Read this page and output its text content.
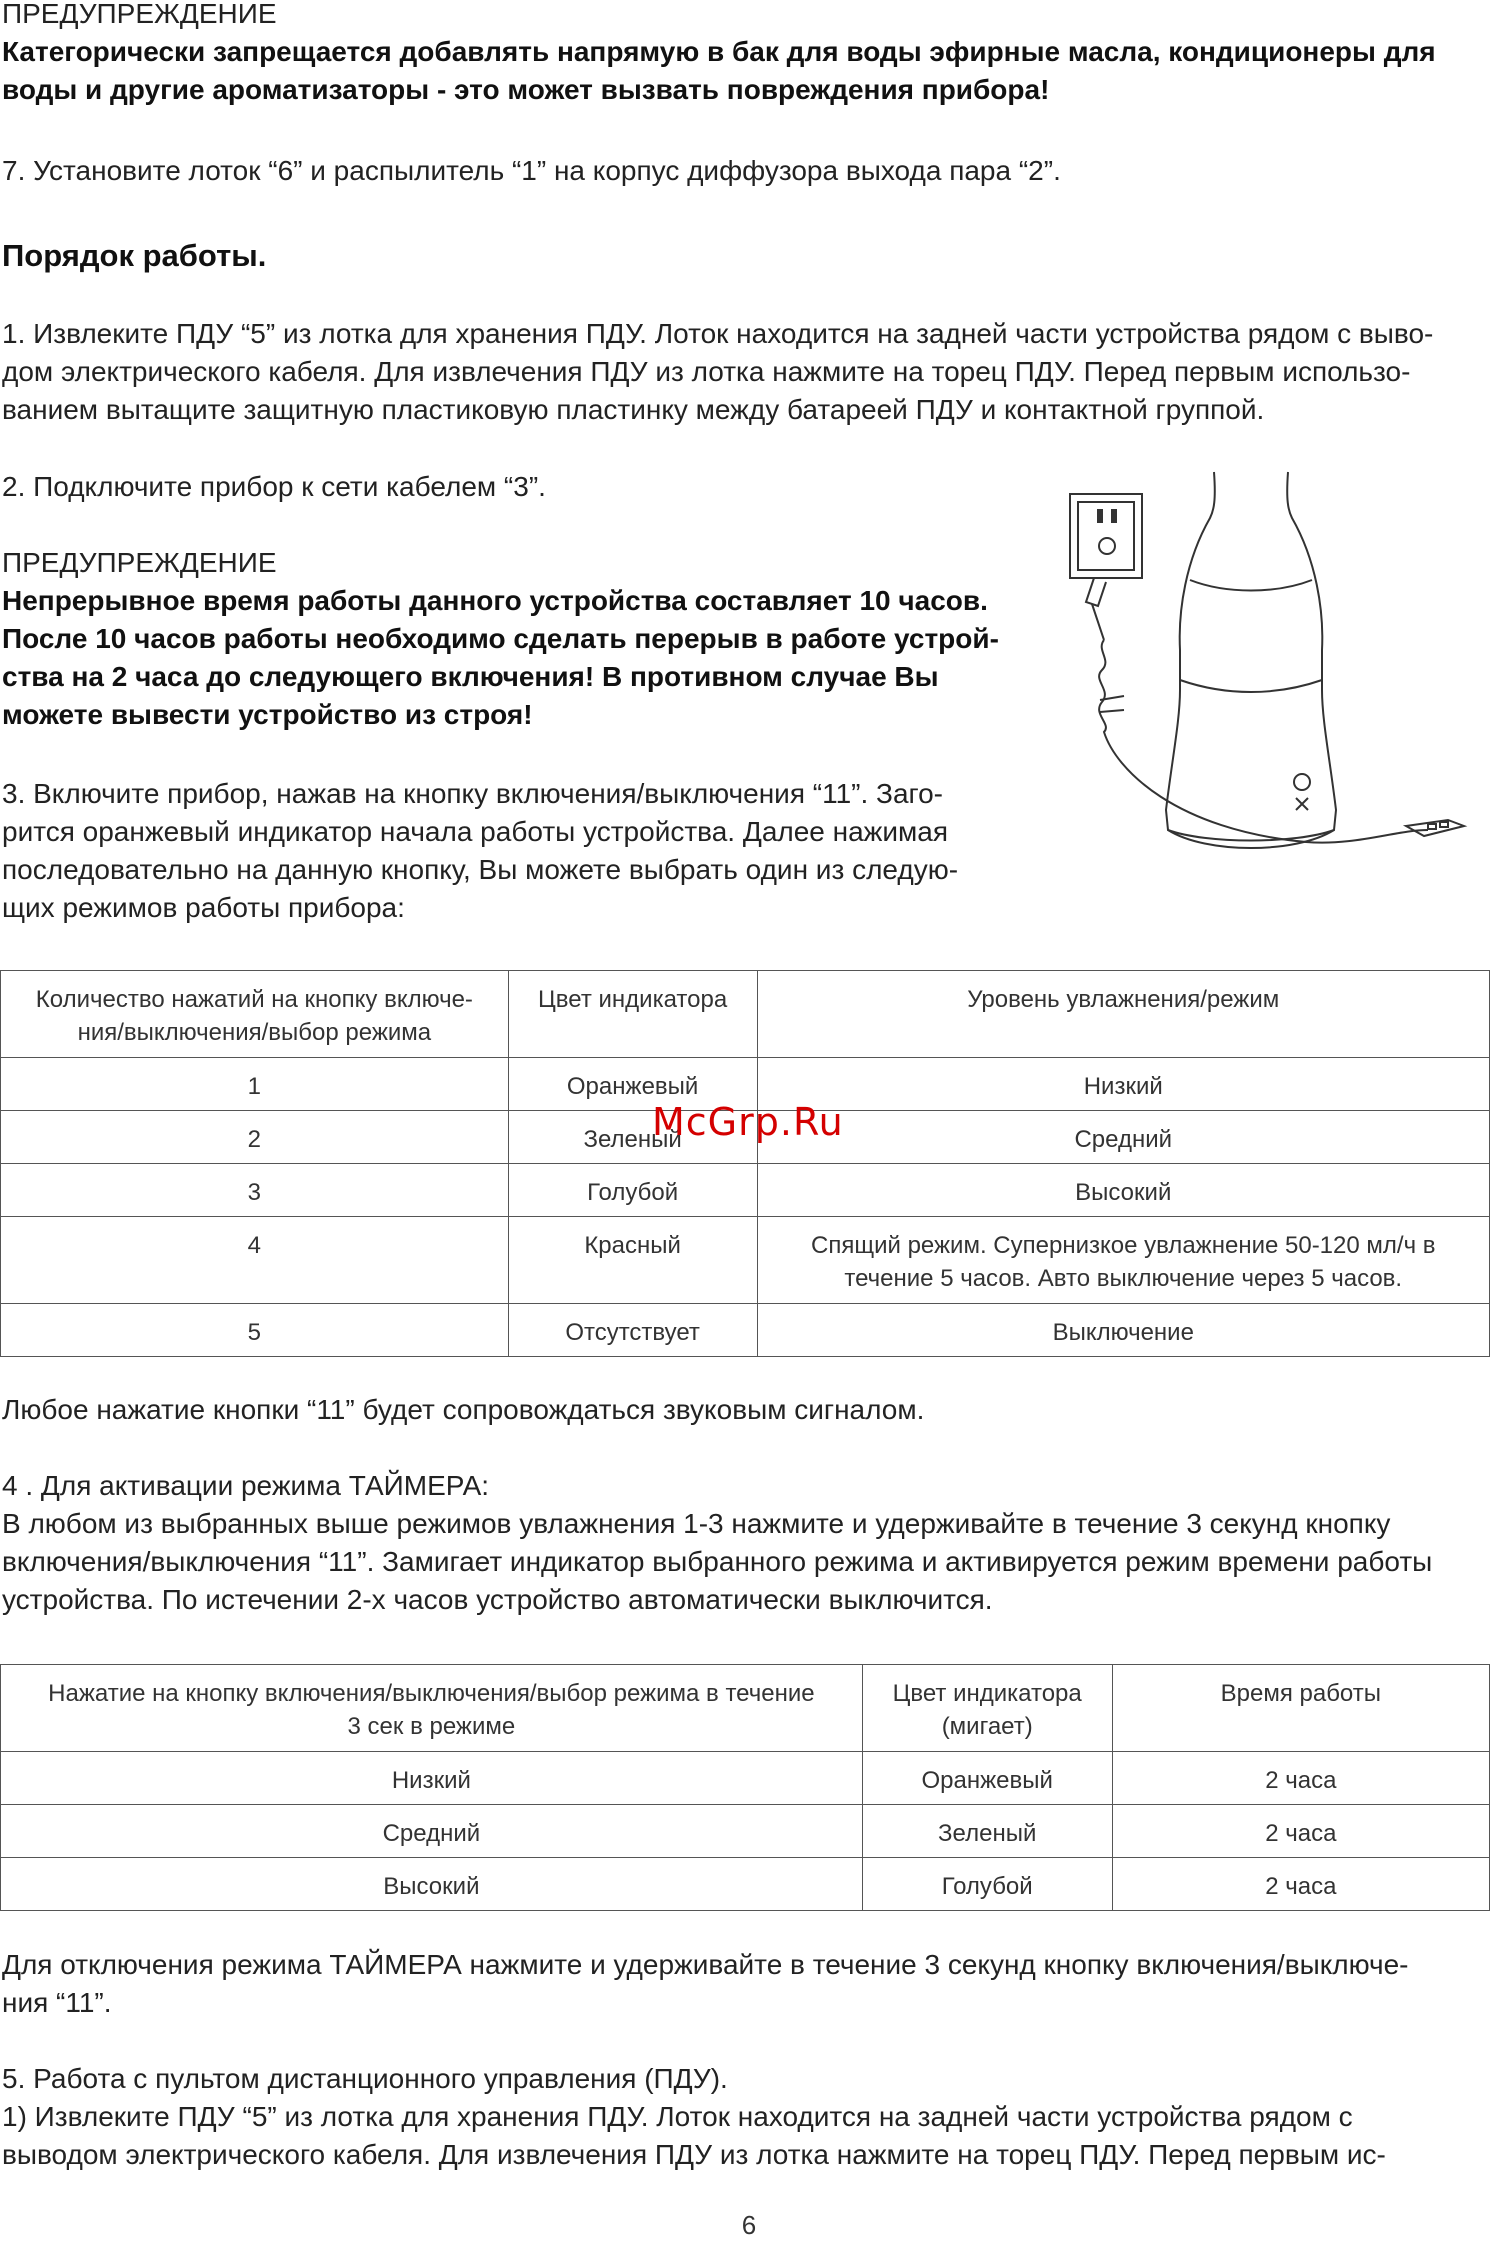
ПРЕДУПРЕЖДЕНИЕ
Категорически запрещается добавлять напрямую в бак для воды эфирные масла, кондиционеры для
воды и другие ароматизаторы - это может вызвать повреждения прибора!
7. Установите лоток “6” и распылитель “1” на корпус диффузора выхода пара “2”.
Порядок работы.
1. Извлеките ПДУ “5” из лотка для хранения ПДУ. Лоток находится на задней части устройства рядом с выво-
дом электрического кабеля. Для извлечения ПДУ из лотка нажмите на торец ПДУ. Перед первым использо-
ванием вытащите защитную пластиковую пластинку между батареей ПДУ и контактной группой.
2. Подключите прибор к сети кабелем “3”.
ПРЕДУПРЕЖДЕНИЕ
Непрерывное время работы данного устройства составляет 10 часов.
После 10 часов работы необходимо сделать перерыв в работе устрой-
ства на 2 часа до следующего включения! В противном случае Вы
можете вывести устройство из строя!
3. Включите прибор, нажав на кнопку включения/выключения “11”. Заго-
рится оранжевый индикатор начала работы устройства. Далее нажимая
последовательно на данную кнопку, Вы можете выбрать один из следую-
щих режимов работы прибора:
Количество нажатий на кнопку включе-
ния/выключения/выбор режима	Цвет индикатора	Уровень увлажнения/режим

1	Оранжевый	Низкий
2	Зеленый	Средний
3	Голубой	Высокий
4	Красный	Спящий режим. Супернизкое увлажнение 50-120 мл/ч в
течение 5 часов. Авто выключение через 5 часов.

5	Отсутствует	Выключение
McGrp.Ru
Любое нажатие кнопки “11” будет сопровождаться звуковым сигналом.
4 . Для активации режима ТАЙМЕРА:
В любом из выбранных выше режимов увлажнения 1-3 нажмите и удерживайте в течение 3 секунд кнопку
включения/выключения “11”. Замигает индикатор выбранного режима и активируется режим времени работы
устройства. По истечении 2-х часов устройство автоматически выключится.
Нажатие на кнопку включения/выключения/выбор режима в течение
3 сек в режиме	Цвет индикатора
(мигает)	Время работы

Низкий	Оранжевый	2 часа
Средний	Зеленый	2 часа
Высокий	Голубой	2 часа
Для отключения режима ТАЙМЕРА нажмите и удерживайте в течение 3 секунд кнопку включения/выключе-
ния “11”.
5. Работа с пультом дистанционного управления (ПДУ).
1) Извлеките ПДУ “5” из лотка для хранения ПДУ. Лоток находится на задней части устройства рядом с
выводом электрического кабеля. Для извлечения ПДУ из лотка нажмите на торец ПДУ. Перед первым ис-
6
